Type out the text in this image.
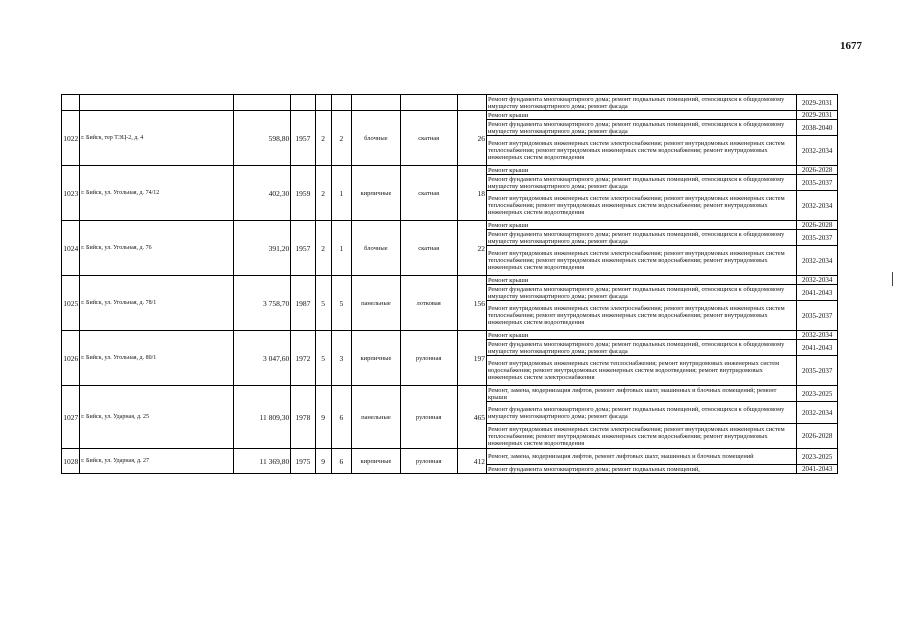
1677
									Ремонт фундамента многоквартирного дома; ремонт подвальных помещений, относящихся к общедомовому имуществу многоквартирного дома; ремонт фасада	2029-2031
1022	г. Бийск, тер ТЭЦ-2, д. 4	598,80	1957	2	2	блочные	скатная	26	Ремонт крыши	2029-2031
									Ремонт фундамента многоквартирного дома; ремонт подвальных помещений, относящихся к общедомовому имуществу многоквартирного дома; ремонт фасада	2038-2040
									Ремонт внутридомовых инженерных систем электроснабжения; ремонт внутридомовых инженерных систем теплоснабжения; ремонт внутридомовых инженерных систем водоснабжения; ремонт внутридомовых инженерных систем водоотведения	2032-2034
1023	г. Бийск, ул. Угольная, д. 74/12	402,30	1959	2	1	кирпичные	скатная	18	Ремонт крыши	2026-2028
									Ремонт фундамента многоквартирного дома; ремонт подвальных помещений, относящихся к общедомовому имуществу многоквартирного дома; ремонт фасада	2035-2037
									Ремонт внутридомовых инженерных систем электроснабжения; ремонт внутридомовых инженерных систем теплоснабжения; ремонт внутридомовых инженерных систем водоснабжения; ремонт внутридомовых инженерных систем водоотведения	2032-2034
1024	г. Бийск, ул. Угольная, д. 76	391,20	1957	2	1	блочные	скатная	22	Ремонт крыши	2026-2028
									Ремонт фундамента многоквартирного дома; ремонт подвальных помещений, относящихся к общедомовому имуществу многоквартирного дома; ремонт фасада	2035-2037
									Ремонт внутридомовых инженерных систем электроснабжения; ремонт внутридомовых инженерных систем теплоснабжения; ремонт внутридомовых инженерных систем водоснабжения; ремонт внутридомовых инженерных систем водоотведения	2032-2034
1025	г. Бийск, ул. Угольная, д. 78/1	3 758,70	1987	5	5	панельные	лотковая	156	Ремонт крыши	2032-2034
									Ремонт фундамента многоквартирного дома; ремонт подвальных помещений, относящихся к общедомовому имуществу многоквартирного дома; ремонт фасада	2041-2043
									Ремонт внутридомовых инженерных систем электроснабжения; ремонт внутридомовых инженерных систем теплоснабжения; ремонт внутридомовых инженерных систем водоснабжения; ремонт внутридомовых инженерных систем водоотведения	2035-2037
1026	г. Бийск, ул. Угольная, д. 80/1	3 047,60	1972	5	3	кирпичные	рулонная	197	Ремонт крыши	2032-2034
									Ремонт фундамента многоквартирного дома; ремонт подвальных помещений, относящихся к общедомовому имуществу многоквартирного дома; ремонт фасада	2041-2043
									Ремонт внутридомовых инженерных систем теплоснабжения; ремонт внутридомовых инженерных систем водоснабжения; ремонт внутридомовых инженерных систем водоотведения; ремонт внутридомовых инженерных систем электроснабжения	2035-2037
1027	г. Бийск, ул. Ударная, д. 25	11 809,30	1978	9	6	панельные	рулонная	465	Ремонт, замена, модернизация лифтов, ремонт лифтовых шахт, машинных и блочных помещений; ремонт крыши	2023-2025
									Ремонт фундамента многоквартирного дома; ремонт подвальных помещений, относящихся к общедомовому имуществу многоквартирного дома; ремонт фасада	2032-2034
									Ремонт внутридомовых инженерных систем электроснабжения; ремонт внутридомовых инженерных систем теплоснабжения; ремонт внутридомовых инженерных систем водоснабжения; ремонт внутридомовых инженерных систем водоотведения	2026-2028
1028	г. Бийск, ул. Ударная, д. 27	11 369,80	1975	9	6	кирпичные	рулонная	412	Ремонт, замена, модернизация лифтов, ремонт лифтовых шахт, машинных и блочных помещений	2023-2025
									Ремонт фундамента многоквартирного дома; ремонт подвальных помещений,	2041-2043
